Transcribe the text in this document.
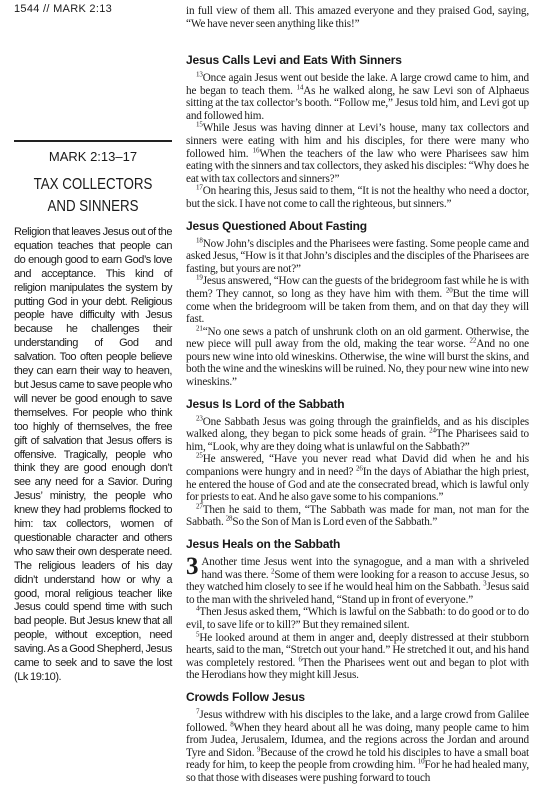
1544 // MARK 2:13
MARK 2:13–17
TAX COLLECTORS
AND SINNERS
Religion that leaves Jesus out of the equation teaches that people can do enough good to earn God’s love and acceptance. This kind of religion manipulates the system by putting God in your debt. Religious people have difficulty with Jesus because he challenges their understanding of God and salvation. Too often people believe they can earn their way to heaven, but Jesus came to save people who will never be good enough to save themselves. For people who think too highly of themselves, the free gift of salvation that Jesus offers is offensive. Tragically, people who think they are good enough don’t see any need for a Savior. During Jesus’ ministry, the people who knew they had problems flocked to him: tax collectors, women of questionable character and others who saw their own desperate need. The religious leaders of his day didn’t understand how or why a good, moral religious teacher like Jesus could spend time with such bad people. But Jesus knew that all people, without exception, need saving. As a Good Shepherd, Jesus came to seek and to save the lost (Lk 19:10).

in full view of them all. This amazed everyone and they praised God, saying, “We have never seen anything like this!”

Jesus Calls Levi and Eats With Sinners

$^{13}$Once again Jesus went out beside the lake. A large crowd came to him, and he began to teach them. $^{14}$As he walked along, he saw Levi son of Alphaeus sitting at the tax collector’s booth. “Follow me,” Jesus told him, and Levi got up and followed him.

$^{15}$While Jesus was having dinner at Levi’s house, many tax collectors and sinners were eating with him and his disciples, for there were many who followed him. $^{16}$When the teachers of the law who were Pharisees saw him eating with the sinners and tax collectors, they asked his disciples: “Why does he eat with tax collectors and sinners?”

$^{17}$On hearing this, Jesus said to them, “It is not the healthy who need a doctor, but the sick. I have not come to call the righteous, but sinners.”

Jesus Questioned About Fasting

$^{18}$Now John’s disciples and the Pharisees were fasting. Some people came and asked Jesus, “How is it that John’s disciples and the disciples of the Pharisees are fasting, but yours are not?”

$^{19}$Jesus answered, “How can the guests of the bridegroom fast while he is with them? They cannot, so long as they have him with them. $^{20}$But the time will come when the bridegroom will be taken from them, and on that day they will fast.

$^{21}$“No one sews a patch of unshrunk cloth on an old garment. Otherwise, the new piece will pull away from the old, making the tear worse. $^{22}$And no one pours new wine into old wineskins. Otherwise, the wine will burst the skins, and both the wine and the wineskins will be ruined. No, they pour new wine into new wineskins.”

Jesus Is Lord of the Sabbath

$^{23}$One Sabbath Jesus was going through the grainfields, and as his disciples walked along, they began to pick some heads of grain. $^{24}$The Pharisees said to him, “Look, why are they doing what is unlawful on the Sabbath?”

$^{25}$He answered, “Have you never read what David did when he and his companions were hungry and in need? $^{26}$In the days of Abiathar the high priest, he entered the house of God and ate the consecrated bread, which is lawful only for priests to eat. And he also gave some to his companions.”

$^{27}$Then he said to them, “The Sabbath was made for man, not man for the Sabbath. $^{28}$So the Son of Man is Lord even of the Sabbath.”

Jesus Heals on the Sabbath

3 Another time Jesus went into the synagogue, and a man with a shriveled hand was there. $^2$Some of them were looking for a reason to accuse Jesus, so they watched him closely to see if he would heal him on the Sabbath. $^3$Jesus said to the man with the shriveled hand, “Stand up in front of everyone.”

$^4$Then Jesus asked them, “Which is lawful on the Sabbath: to do good or to do evil, to save life or to kill?” But they remained silent.

$^5$He looked around at them in anger and, deeply distressed at their stubborn hearts, said to the man, “Stretch out your hand.” He stretched it out, and his hand was completely restored. $^6$Then the Pharisees went out and began to plot with the Herodians how they might kill Jesus.

Crowds Follow Jesus

$^7$Jesus withdrew with his disciples to the lake, and a large crowd from Galilee followed. $^8$When they heard about all he was doing, many people came to him from Judea, Jerusalem, Idumea, and the regions across the Jordan and around Tyre and Sidon. $^9$Because of the crowd he told his disciples to have a small boat ready for him, to keep the people from crowding him. $^{10}$For he had healed many, so that those with diseases were pushing forward to touch
